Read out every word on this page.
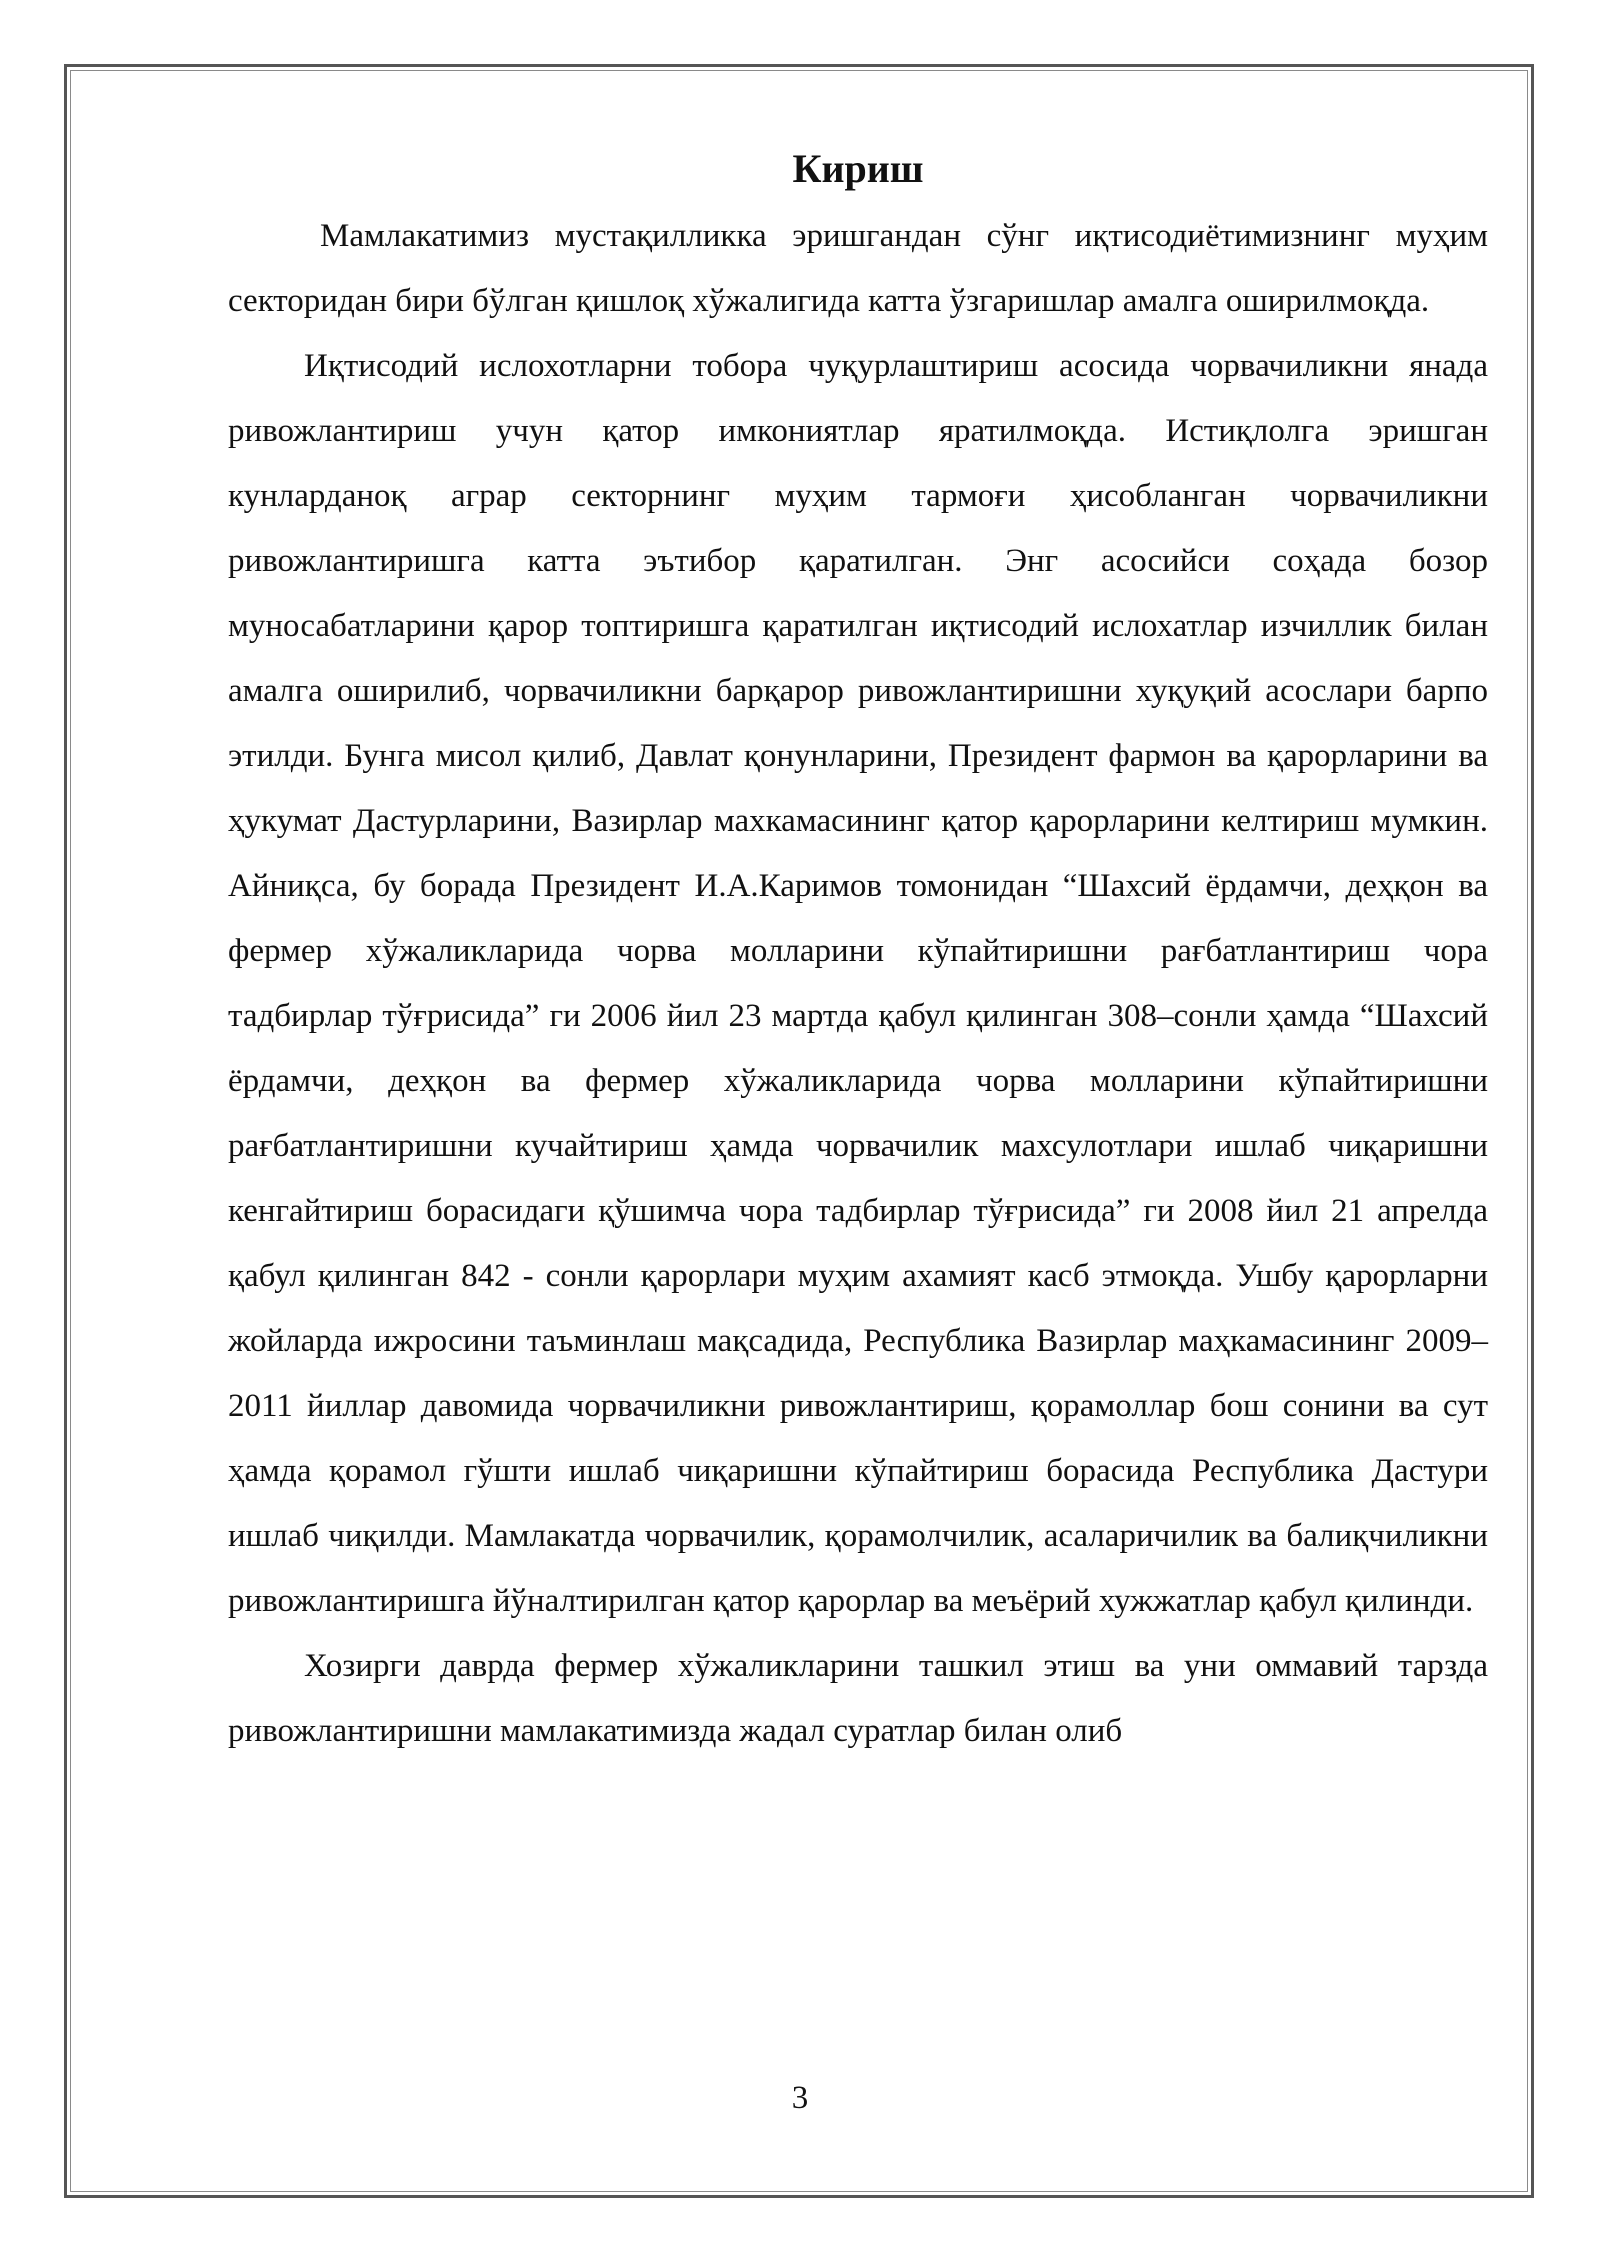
Кириш

Мамлакатимиз мустақилликка эришгандан сўнг иқтисодиётимизнинг муҳим секторидан бири бўлган қишлоқ хўжалигида катта ўзгаришлар амалга оширилмоқда.

Иқтисодий ислохотларни тобора чуқурлаштириш асосида чорвачиликни янада ривожлантириш учун қатор имкониятлар яратилмоқда. Истиқлолга эришган кунларданоқ аграр секторнинг муҳим тармоғи ҳисобланган чорвачиликни ривожлантиришга катта эътибор қаратилган. Энг асосийси соҳада бозор муносабатларини қарор топтиришга қаратилган иқтисодий ислохатлар изчиллик билан амалга оширилиб, чорвачиликни барқарор ривожлантиришни хуқуқий асослари барпо этилди. Бунга мисол қилиб, Давлат қонунларини, Президент фармон ва қарорларини ва ҳукумат Дастурларини, Вазирлар махкамасининг қатор қарорларини келтириш мумкин. Айниқса, бу борада Президент И.А.Каримов томонидан “Шахсий ёрдамчи, деҳқон ва фермер хўжаликларида чорва молларини кўпайтиришни рағбатлантириш чора тадбирлар тўғрисида” ги 2006 йил 23 мартда қабул қилинган 308–сонли ҳамда “Шахсий ёрдамчи, деҳқон ва фермер хўжаликларида чорва молларини кўпайтиришни рағбатлантиришни кучайтириш ҳамда чорвачилик махсулотлари ишлаб чиқаришни кенгайтириш борасидаги қўшимча чора тадбирлар тўғрисида” ги 2008 йил 21 апрелда қабул қилинган 842 - сонли қарорлари муҳим ахамият касб этмоқда. Ушбу қарорларни жойларда ижросини таъминлаш мақсадида, Республика Вазирлар маҳкамасининг 2009–2011 йиллар давомида чорвачиликни ривожлантириш, қорамоллар бош сонини ва сут ҳамда қорамол гўшти ишлаб чиқаришни кўпайтириш борасида Республика Дастури ишлаб чиқилди. Мамлакатда чорвачилик, қорамолчилик, асаларичилик ва балиқчиликни ривожлантиришга йўналтирилган қатор қарорлар ва меъёрий хужжатлар қабул қилинди.

Хозирги даврда фермер хўжаликларини ташкил этиш ва уни оммавий тарзда ривожлантиришни мамлакатимизда жадал суратлар билан олиб

3
